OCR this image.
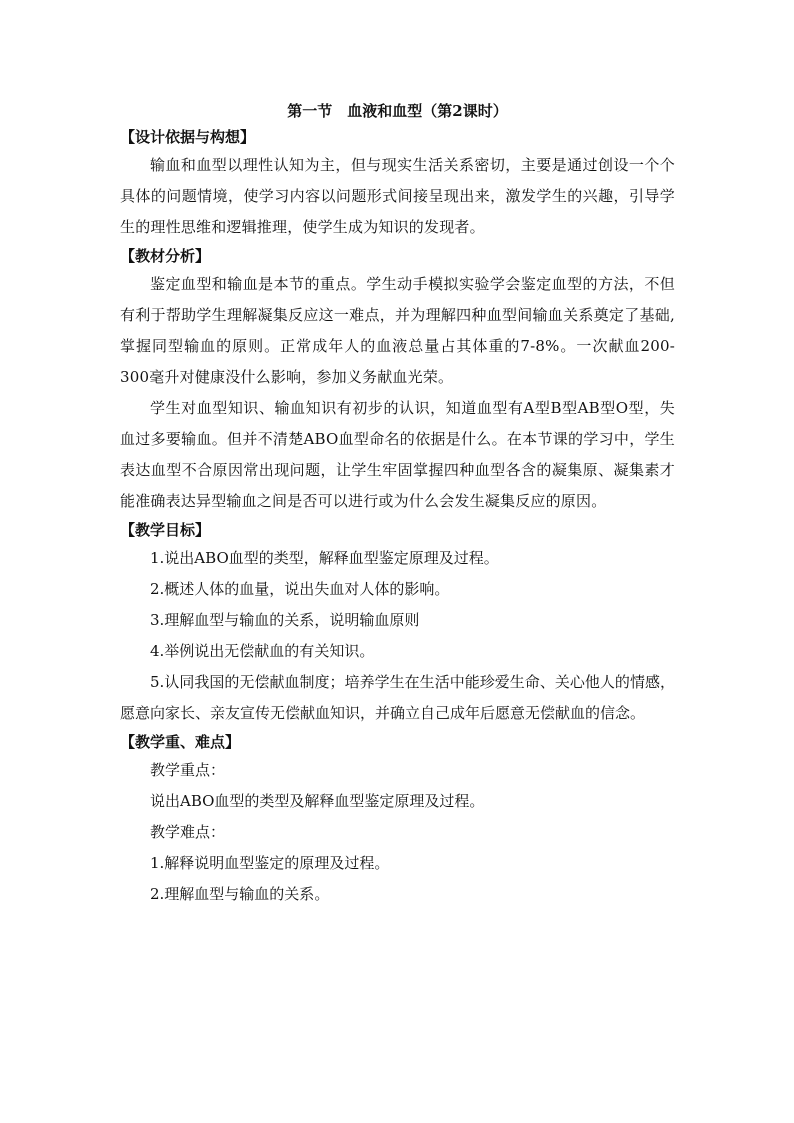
第一节　血液和血型（第2课时）
【设计依据与构想】

输血和血型以理性认知为主，但与现实生活关系密切，主要是通过创设一个个具体的问题情境，使学习内容以问题形式间接呈现出来，激发学生的兴趣，引导学生的理性思维和逻辑推理，使学生成为知识的发现者。

【教材分析】

鉴定血型和输血是本节的重点。学生动手模拟实验学会鉴定血型的方法，不但有利于帮助学生理解凝集反应这一难点，并为理解四种血型间输血关系奠定了基础,掌握同型输血的原则。正常成年人的血液总量占其体重的7-8%。一次献血200-300毫升对健康没什么影响，参加义务献血光荣。

学生对血型知识、输血知识有初步的认识，知道血型有A型B型AB型O型，失血过多要输血。但并不清楚ABO血型命名的依据是什么。在本节课的学习中，学生表达血型不合原因常出现问题，让学生牢固掌握四种血型各含的凝集原、凝集素才能准确表达异型输血之间是否可以进行或为什么会发生凝集反应的原因。

【教学目标】

1.说出ABO血型的类型，解释血型鉴定原理及过程。

2.概述人体的血量，说出失血对人体的影响。

3.理解血型与输血的关系，说明输血原则

4.举例说出无偿献血的有关知识。

5.认同我国的无偿献血制度；培养学生在生活中能珍爱生命、关心他人的情感，愿意向家长、亲友宣传无偿献血知识，并确立自己成年后愿意无偿献血的信念。

【教学重、难点】

教学重点：

说出ABO血型的类型及解释血型鉴定原理及过程。

教学难点：

1.解释说明血型鉴定的原理及过程。

2.理解血型与输血的关系。
